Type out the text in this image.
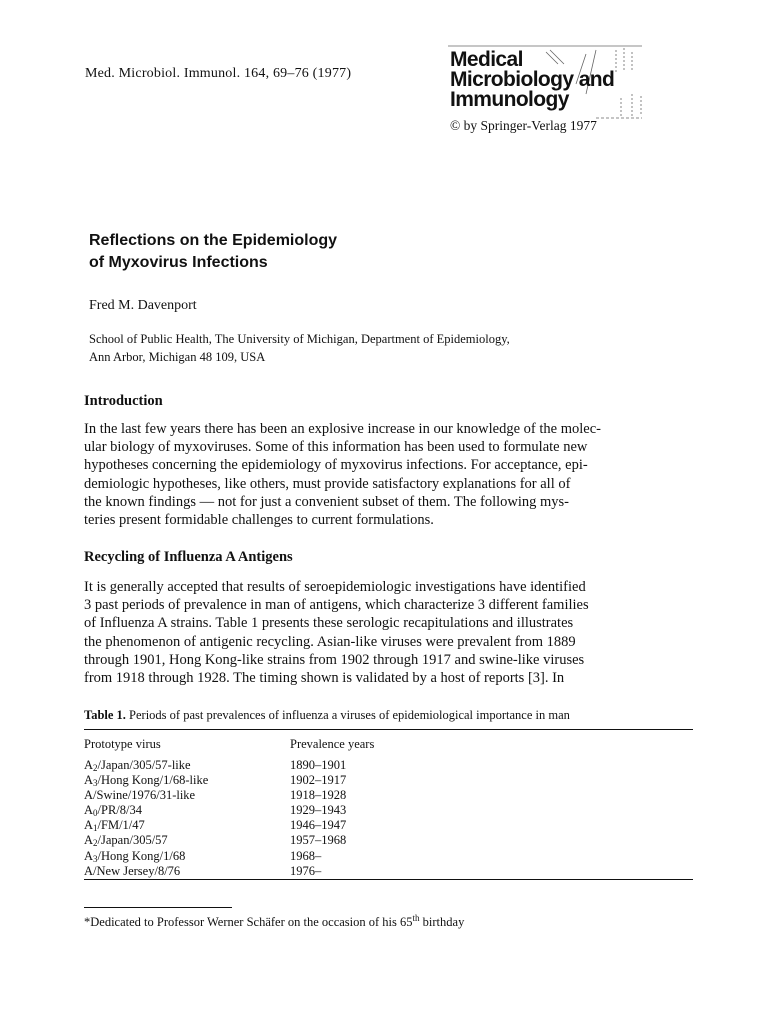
Med. Microbiol. Immunol. 164, 69–76 (1977)
Medical
Microbiology and
Immunology
© by Springer-Verlag 1977
Reflections on the Epidemiology
of Myxovirus Infections
Fred M. Davenport
School of Public Health, The University of Michigan, Department of Epidemiology,
Ann Arbor, Michigan 48 109, USA
Introduction
In the last few years there has been an explosive increase in our knowledge of the molec-
ular biology of myxoviruses. Some of this information has been used to formulate new
hypotheses concerning the epidemiology of myxovirus infections. For acceptance, epi-
demiologic hypotheses, like others, must provide satisfactory explanations for all of
the known findings — not for just a convenient subset of them. The following mys-
teries present formidable challenges to current formulations.
Recycling of Influenza A Antigens
It is generally accepted that results of seroepidemiologic investigations have identified
3 past periods of prevalence in man of antigens, which characterize 3 different families
of Influenza A strains. Table 1 presents these serologic recapitulations and illustrates
the phenomenon of antigenic recycling. Asian-like viruses were prevalent from 1889
through 1901, Hong Kong-like strains from 1902 through 1917 and swine-like viruses
from 1918 through 1928. The timing shown is validated by a host of reports [3]. In
Table 1. Periods of past prevalences of influenza a viruses of epidemiological importance in man
Prototype virus	Prevalence years
$A_2/Japan/305/57$-like	1890–1901
$A_3$/Hong Kong/1/68-like	1902–1917
A/Swine/1976/31-like	1918–1928
$A_0/PR/8/34$	1929–1943
$A_1/FM/1/47$	1946–1947
$A_2/Japan/305/57$	1957–1968
$A_3$/Hong Kong/1/68	1968–
A/New Jersey/8/76	1976–
*Dedicated to Professor Werner Schäfer on the occasion of his 65th birthday
